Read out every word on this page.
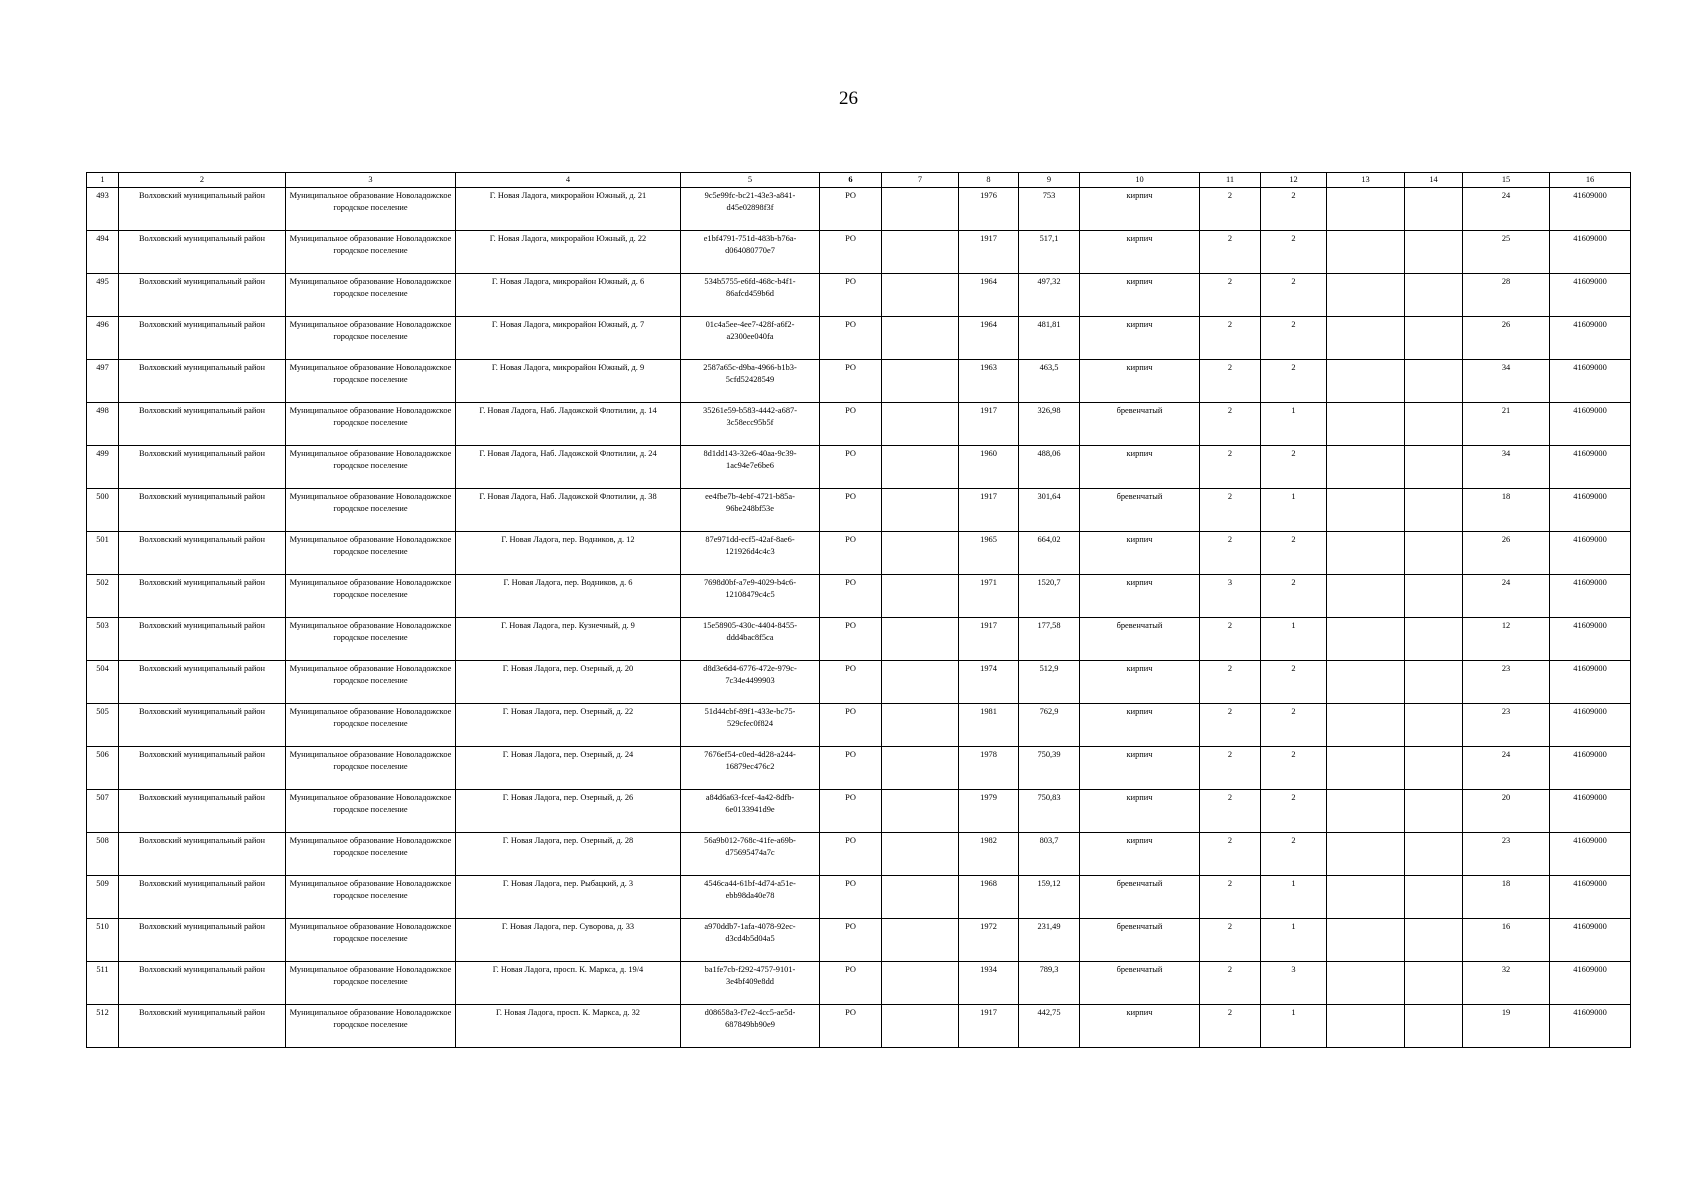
26
1	2	3	4	5	6	7	8	9	10	11	12	13	14	15	16
493	Волховский муниципальный район	Муниципальное образование Новоладожское городское поселение	Г. Новая Ладога, микрорайон Южный, д. 21	9c5e99fc-bc21-43e3-a841-d45e02898f3f	РО		1976	753	кирпич	2	2			24	41609000
494	Волховский муниципальный район	Муниципальное образование Новоладожское городское поселение	Г. Новая Ладога, микрорайон Южный, д. 22	e1bf4791-751d-483b-b76a-d064080770e7	РО		1917	517,1	кирпич	2	2			25	41609000
495	Волховский муниципальный район	Муниципальное образование Новоладожское городское поселение	Г. Новая Ладога, микрорайон Южный, д. 6	534b5755-e6fd-468c-b4f1-86afcd459b6d	РО		1964	497,32	кирпич	2	2			28	41609000
496	Волховский муниципальный район	Муниципальное образование Новоладожское городское поселение	Г. Новая Ладога, микрорайон Южный, д. 7	01c4a5ee-4ee7-428f-a6f2-a2300ee040fa	РО		1964	481,81	кирпич	2	2			26	41609000
497	Волховский муниципальный район	Муниципальное образование Новоладожское городское поселение	Г. Новая Ладога, микрорайон Южный, д. 9	2587a65c-d9ba-4966-b1b3-5cfd52428549	РО		1963	463,5	кирпич	2	2			34	41609000
498	Волховский муниципальный район	Муниципальное образование Новоладожское городское поселение	Г. Новая Ладога, Наб. Ладожской Флотилии, д. 14	35261e59-b583-4442-a687-3c58ecc95b5f	РО		1917	326,98	бревенчатый	2	1			21	41609000
499	Волховский муниципальный район	Муниципальное образование Новоладожское городское поселение	Г. Новая Ладога, Наб. Ладожской Флотилии, д. 24	8d1dd143-32e6-40aa-9c39-1ac94e7e6be6	РО		1960	488,06	кирпич	2	2			34	41609000
500	Волховский муниципальный район	Муниципальное образование Новоладожское городское поселение	Г. Новая Ладога, Наб. Ладожской Флотилии, д. 38	ee4fbe7b-4ebf-4721-b85a-96be248bf53e	РО		1917	301,64	бревенчатый	2	1			18	41609000
501	Волховский муниципальный район	Муниципальное образование Новоладожское городское поселение	Г. Новая Ладога, пер. Водников, д. 12	87e971dd-ecf5-42af-8ae6-121926d4c4c3	РО		1965	664,02	кирпич	2	2			26	41609000
502	Волховский муниципальный район	Муниципальное образование Новоладожское городское поселение	Г. Новая Ладога, пер. Водников, д. 6	7698d0bf-a7e9-4029-b4c6-12108479c4c5	РО		1971	1520,7	кирпич	3	2			24	41609000
503	Волховский муниципальный район	Муниципальное образование Новоладожское городское поселение	Г. Новая Ладога, пер. Кузнечный, д. 9	15e58905-430c-4404-8455-ddd4bac8f5ca	РО		1917	177,58	бревенчатый	2	1			12	41609000
504	Волховский муниципальный район	Муниципальное образование Новоладожское городское поселение	Г. Новая Ладога, пер. Озерный, д. 20	d8d3e6d4-6776-472e-979c-7c34e4499903	РО		1974	512,9	кирпич	2	2			23	41609000
505	Волховский муниципальный район	Муниципальное образование Новоладожское городское поселение	Г. Новая Ладога, пер. Озерный, д. 22	51d44cbf-89f1-433e-bc75-529cfec0f824	РО		1981	762,9	кирпич	2	2			23	41609000
506	Волховский муниципальный район	Муниципальное образование Новоладожское городское поселение	Г. Новая Ладога, пер. Озерный, д. 24	7676ef54-c0ed-4d28-a244-16879ec476c2	РО		1978	750,39	кирпич	2	2			24	41609000
507	Волховский муниципальный район	Муниципальное образование Новоладожское городское поселение	Г. Новая Ладога, пер. Озерный, д. 26	a84d6a63-fcef-4a42-8dfb-6e0133941d9e	РО		1979	750,83	кирпич	2	2			20	41609000
508	Волховский муниципальный район	Муниципальное образование Новоладожское городское поселение	Г. Новая Ладога, пер. Озерный, д. 28	56a9b012-768c-41fe-a69b-d75695474a7c	РО		1982	803,7	кирпич	2	2			23	41609000
509	Волховский муниципальный район	Муниципальное образование Новоладожское городское поселение	Г. Новая Ладога, пер. Рыбацкий, д. 3	4546ca44-61bf-4d74-a51e-ebb98da40e78	РО		1968	159,12	бревенчатый	2	1			18	41609000
510	Волховский муниципальный район	Муниципальное образование Новоладожское городское поселение	Г. Новая Ладога, пер. Суворова, д. 33	a970ddb7-1afa-4078-92ec-d3cd4b5d04a5	РО		1972	231,49	бревенчатый	2	1			16	41609000
511	Волховский муниципальный район	Муниципальное образование Новоладожское городское поселение	Г. Новая Ладога, просп. К. Маркса, д. 19/4	ba1fe7cb-f292-4757-9101-3e4bf409e8dd	РО		1934	789,3	бревенчатый	2	3			32	41609000
512	Волховский муниципальный район	Муниципальное образование Новоладожское городское поселение	Г. Новая Ладога, просп. К. Маркса, д. 32	d08658a3-f7e2-4cc5-ae5d-687849bb90e9	РО		1917	442,75	кирпич	2	1			19	41609000
